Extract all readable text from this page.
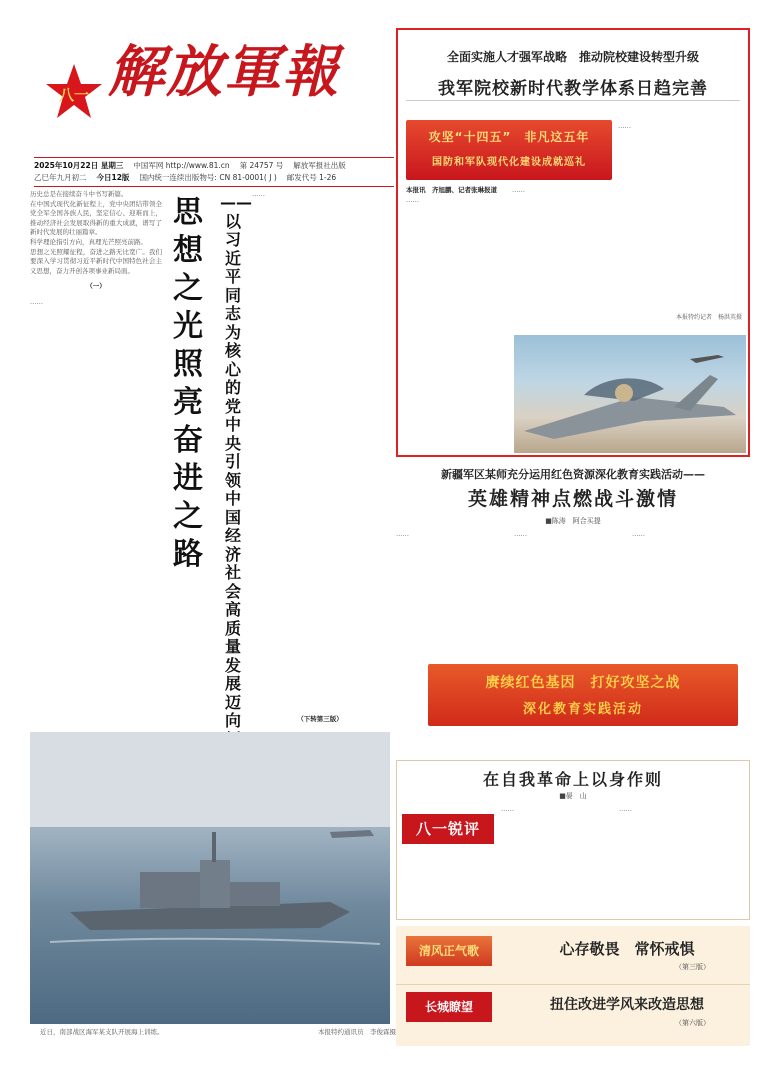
八一 解放軍報
2025年10月22日 星期三 中国军网 http://www.81.cn 第 24757 号 解放军报社出版
乙巳年九月初二 今日12版 国内统一连续出版物号: CN 81-0001( J ) 邮发代号 1-26
历史总是在接续奋斗中书写新篇。
在中国式现代化新征程上，党中央团结带领全党全军全国各族人民，坚定信心、迎难而上，推动经济社会发展取得新的重大成就，谱写了新时代发展的壮丽篇章。
科学理论指引方向，真理光芒照亮前路。
思想之光照耀征程，奋进之路无比宽广。我们要深入学习贯彻习近平新时代中国特色社会主义思想，奋力开创各项事业新局面。
（一）
……
思想之光照亮奋进之路
——以习近平同志为核心的党中央引领中国经济社会高质量发展迈向
……
（下转第三版）
近日，南部战区海军某支队开展海上训练。	本报特约通讯员　李俊霖摄
全面实施人才强军战略　推动院校建设转型升级
我军院校新时代教学体系日趋完善
攻坚“十四五”　非凡这五年
国防和军队现代化建设成就巡礼
……
本报讯　齐旭鹏、记者张琳报道
……
……
本报特约记者　杨洪英摄
新疆军区某师充分运用红色资源深化教育实践活动——
英雄精神点燃战斗激情
■陈涛　阿合买提
……	……	……
赓续红色基因　打好攻坚之战
深化教育实践活动
在自我革命上以身作则
■晏　山
……	……
八一锐评
清风正气歌	心存敬畏　常怀戒惧
（第三版）
长城瞭望	扭住改进学风来改造思想
（第六版）
